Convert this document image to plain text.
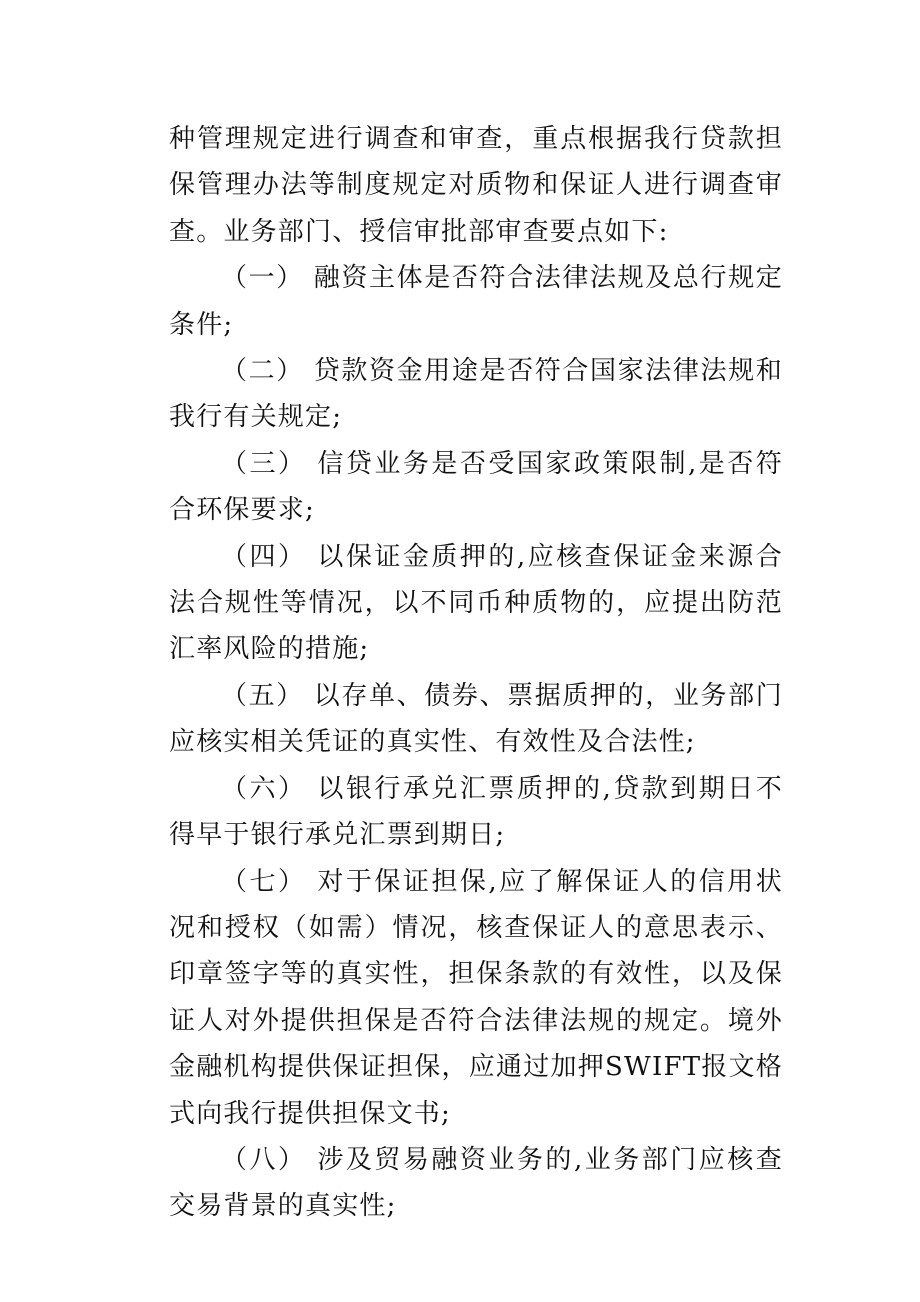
种管理规定进行调查和审查，重点根据我行贷款担保管理办法等制度规定对质物和保证人进行调查审查。业务部门、授信审批部审查要点如下:

（一） 融资主体是否符合法律法规及总行规定条件;

（二） 贷款资金用途是否符合国家法律法规和我行有关规定;

（三） 信贷业务是否受国家政策限制,是否符合环保要求;

（四） 以保证金质押的,应核查保证金来源合法合规性等情况，以不同币种质物的，应提出防范汇率风险的措施;

（五） 以存单、债券、票据质押的，业务部门应核实相关凭证的真实性、有效性及合法性;

（六） 以银行承兑汇票质押的,贷款到期日不得早于银行承兑汇票到期日;

（七） 对于保证担保,应了解保证人的信用状况和授权（如需）情况，核查保证人的意思表示、印章签字等的真实性，担保条款的有效性，以及保证人对外提供担保是否符合法律法规的规定。境外金融机构提供保证担保，应通过加押SWIFT报文格式向我行提供担保文书;

（八） 涉及贸易融资业务的,业务部门应核查交易背景的真实性;
